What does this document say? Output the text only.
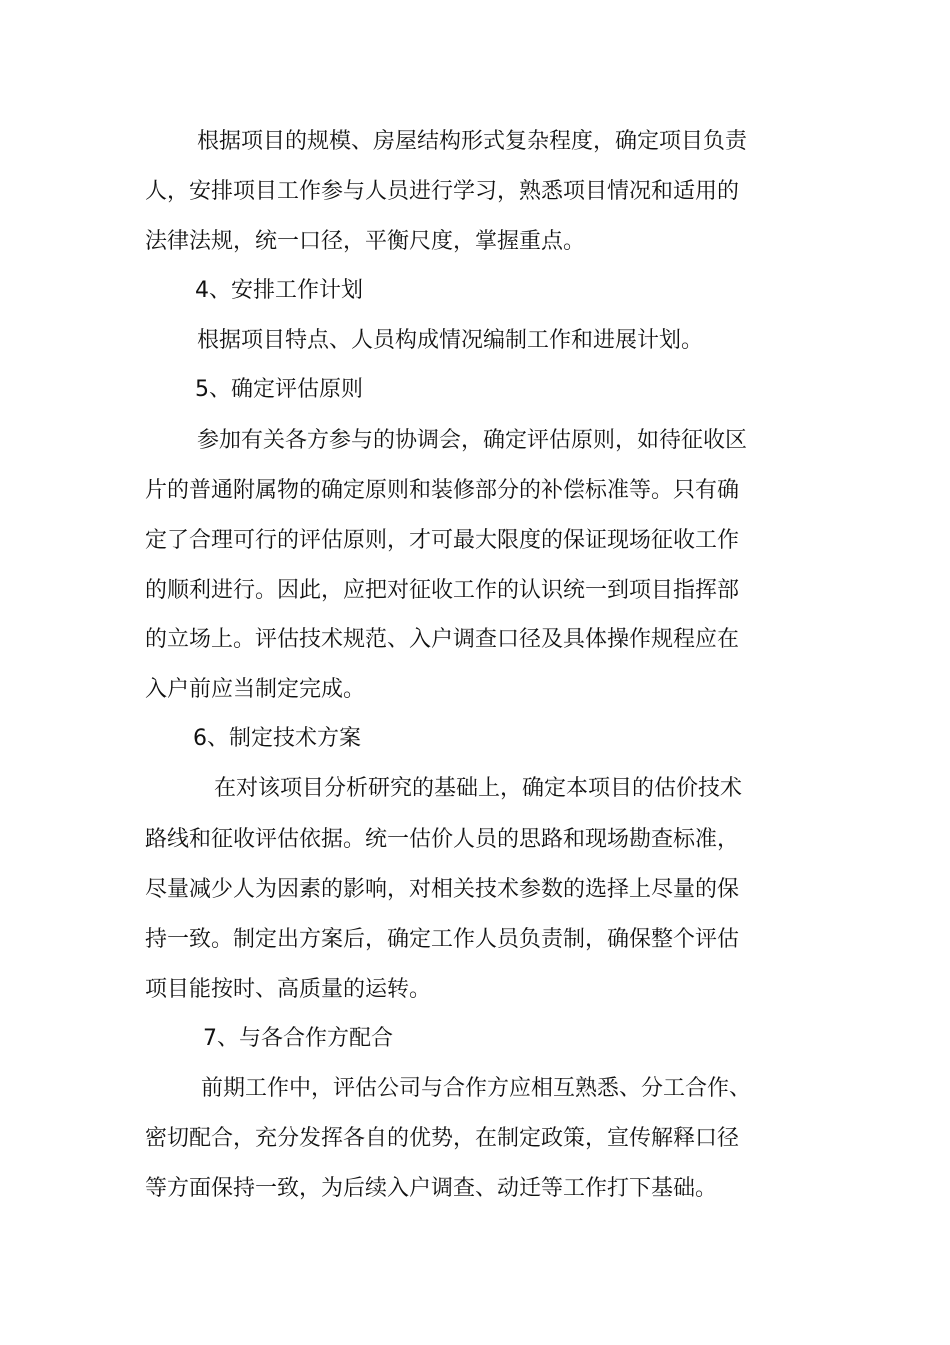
根据项目的规模、房屋结构形式复杂程度，确定项目负责
人，安排项目工作参与人员进行学习，熟悉项目情况和适用的
法律法规，统一口径，平衡尺度，掌握重点。
4、安排工作计划
根据项目特点、人员构成情况编制工作和进展计划。
5、确定评估原则
参加有关各方参与的协调会，确定评估原则，如待征收区
片的普通附属物的确定原则和装修部分的补偿标准等。只有确
定了合理可行的评估原则，才可最大限度的保证现场征收工作
的顺利进行。因此，应把对征收工作的认识统一到项目指挥部
的立场上。评估技术规范、入户调查口径及具体操作规程应在
入户前应当制定完成。
6、制定技术方案
在对该项目分析研究的基础上，确定本项目的估价技术
路线和征收评估依据。统一估价人员的思路和现场勘查标准，
尽量减少人为因素的影响，对相关技术参数的选择上尽量的保
持一致。制定出方案后，确定工作人员负责制，确保整个评估
项目能按时、高质量的运转。
7、与各合作方配合
前期工作中，评估公司与合作方应相互熟悉、分工合作、
密切配合，充分发挥各自的优势，在制定政策，宣传解释口径
等方面保持一致，为后续入户调查、动迁等工作打下基础。
